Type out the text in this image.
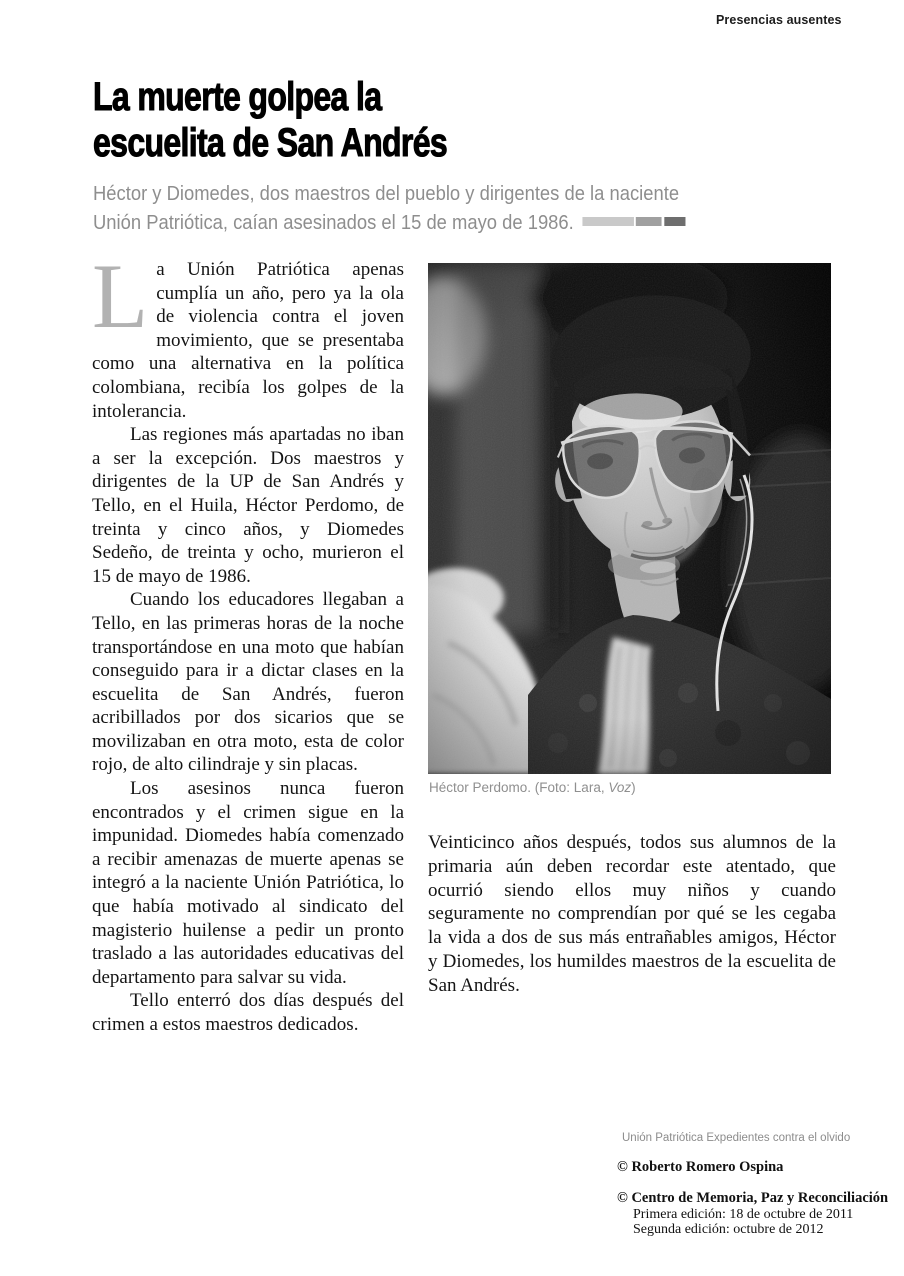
Presencias ausentes
La muerte golpea la
escuelita de San Andrés
Héctor y Diomedes, dos maestros del pueblo y dirigentes de la naciente
Unión Patriótica, caían asesinados el 15 de mayo de 1986.

La Unión Patriótica apenas cumplía un año, pero ya la ola de violencia contra el joven movimiento, que se presentaba como una alternativa en la política colombiana, recibía los golpes de la intolerancia.

Las regiones más apartadas no iban a ser la excepción. Dos maestros y dirigentes de la UP de San Andrés y Tello, en el Huila, Héctor Perdomo, de treinta y cinco años, y Diomedes Sedeño, de treinta y ocho, murieron el 15 de mayo de 1986.

Cuando los educadores llegaban a Tello, en las primeras horas de la noche transportándose en una moto que habían conseguido para ir a dictar clases en la escuelita de San Andrés, fueron acribillados por dos sicarios que se movilizaban en otra moto, esta de color rojo, de alto cilindraje y sin placas.

Los asesinos nunca fueron encontrados y el crimen sigue en la impunidad. Diomedes había comenzado a recibir amenazas de muerte apenas se integró a la naciente Unión Patriótica, lo que había motivado al sindicato del magisterio huilense a pedir un pronto traslado a las autoridades educativas del departamento para salvar su vida.

Tello enterró dos días después del crimen a estos maestros dedicados.

Héctor Perdomo. (Foto: Lara, Voz)

Veinticinco años después, todos sus alumnos de la primaria aún deben recordar este atentado, que ocurrió siendo ellos muy niños y cuando seguramente no comprendían por qué se les cegaba la vida a dos de sus más entrañables amigos, Héctor y Diomedes, los humildes maestros de la escuelita de San Andrés.

Unión Patriótica Expedientes contra el olvido
© Roberto Romero Ospina
© Centro de Memoria, Paz y Reconciliación
Primera edición: 18 de octubre de 2011
Segunda edición: octubre de 2012
